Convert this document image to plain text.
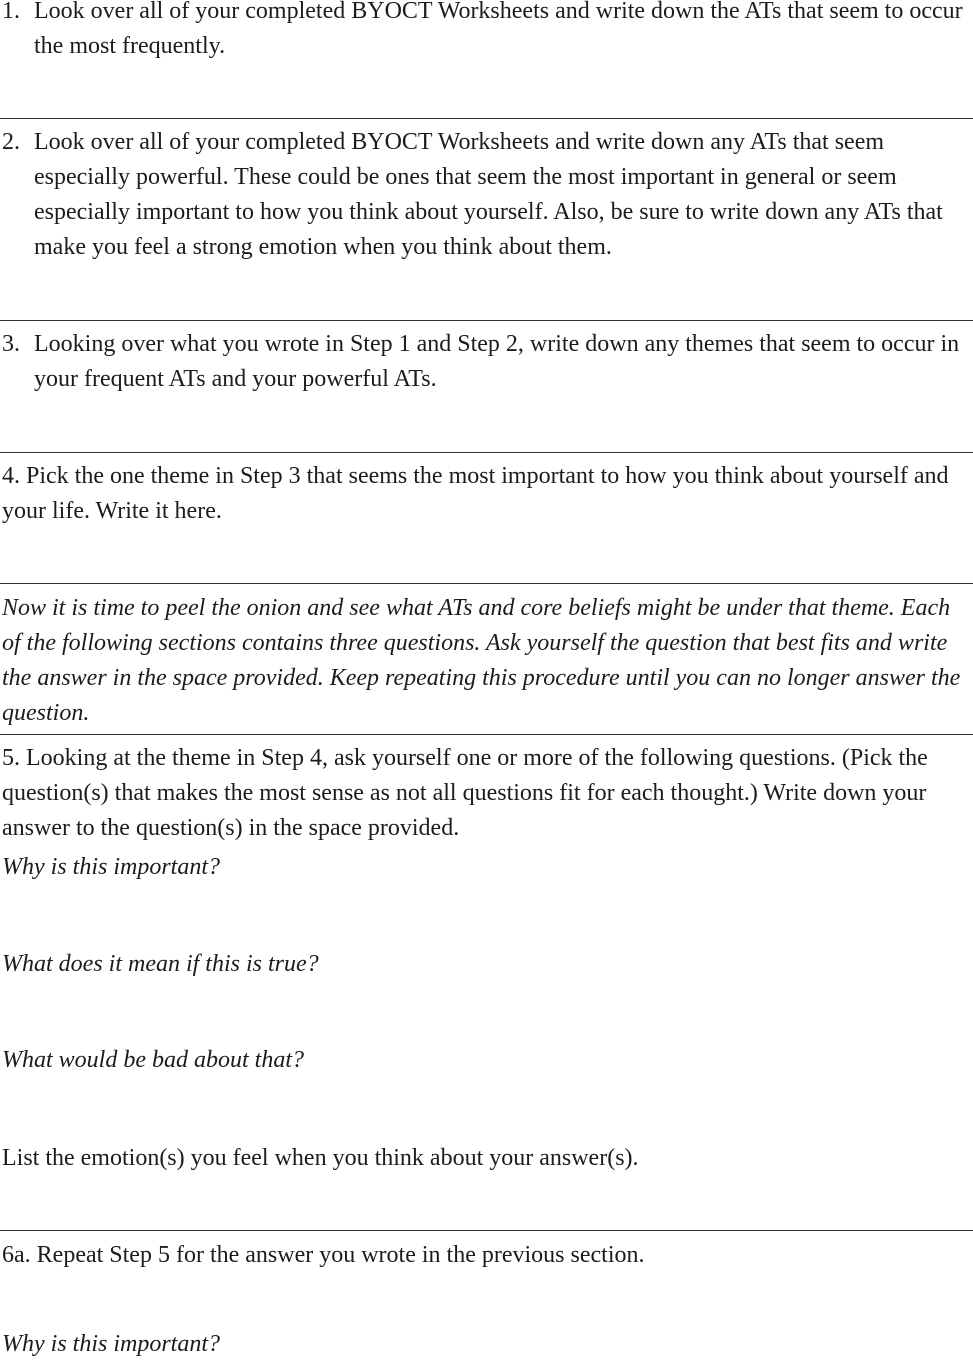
1. Look over all of your completed BYOCT Worksheets and write down the ATs that seem to occur the most frequently.

2. Look over all of your completed BYOCT Worksheets and write down any ATs that seem especially powerful. These could be ones that seem the most important in general or seem especially important to how you think about yourself. Also, be sure to write down any ATs that make you feel a strong emotion when you think about them.

3. Looking over what you wrote in Step 1 and Step 2, write down any themes that seem to occur in your frequent ATs and your powerful ATs.

4. Pick the one theme in Step 3 that seems the most important to how you think about yourself and your life. Write it here.

Now it is time to peel the onion and see what ATs and core beliefs might be under that theme. Each of the following sections contains three questions. Ask yourself the question that best fits and write the answer in the space provided. Keep repeating this procedure until you can no longer answer the question.

5. Looking at the theme in Step 4, ask yourself one or more of the following questions. (Pick the question(s) that makes the most sense as not all questions fit for each thought.) Write down your answer to the question(s) in the space provided.

Why is this important?

What does it mean if this is true?

What would be bad about that?

List the emotion(s) you feel when you think about your answer(s).

6a. Repeat Step 5 for the answer you wrote in the previous section.

Why is this important?
